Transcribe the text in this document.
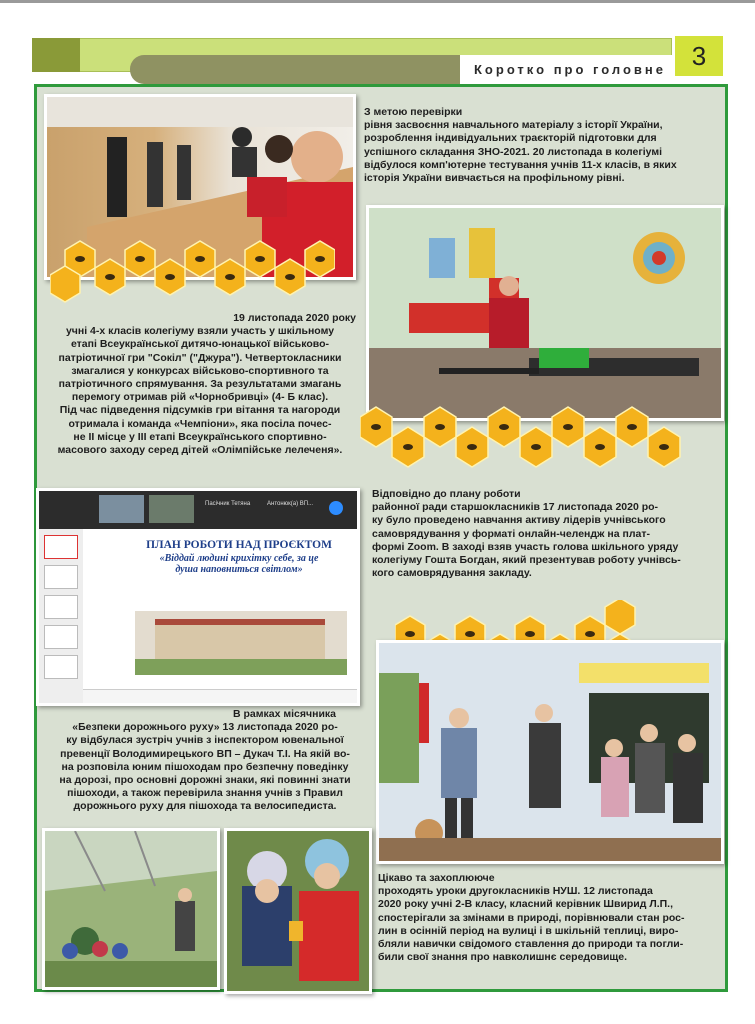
Коротко про головне 3
З метою перевірки
рівня засвоєння навчального матеріалу з історії України,
розроблення індивідуальних траєкторій підготовки для
успішного складання ЗНО-2021. 20 листопада в колегіумі
відбулося комп'ютерне тестування учнів 11-х класів, в яких
історія України вивчається на профільному рівні.
19 листопада 2020 року
учні 4-х класів колегіуму взяли участь у шкільному
етапі Всеукраїнської дитячо-юнацької військово-
патріотичної гри "Сокіл" ("Джура"). Четвертокласники
змагалися у конкурсах військово-спортивного та
патріотичного спрямування. За результатами змагань
перемогу отримав рій «Чорнобривці» (4- Б клас).
Під час підведення підсумків гри вітання та нагороди
отримала і команда «Чемпіони», яка посіла почес-
не ІІ місце у ІІІ етапі Всеукраїнського спортивно-
масового заходу серед дітей «Олімпійське лелеченя».
Відповідно до плану роботи
районної ради старшокласників 17 листопада 2020 ро-
ку було проведено навчання активу лідерів учнівського
самоврядування у форматі онлайн-челендж на плат-
формі Zoom. В заході взяв участь голова шкільного уряду
колегіуму Гошта Богдан, який презентував роботу учнівсь-
кого самоврядування закладу.
Пасічник Тетяна	Антонюк(а) ВП...
ПЛАН РОБОТИ НАД ПРОЄКТОМ
«Віддай людині крихітку себе, за це
душа наповниться світлом»
В рамках місячника
«Безпеки дорожнього руху» 13 листопада 2020 ро-
ку відбулася зустріч учнів з інспектором ювенальної
превенції Володимирецького ВП – Дукач Т.І. На якій во-
на розповіла юним пішоходам про безпечну поведінку
на дорозі, про основні дорожні знаки, які повинні знати
пішоходи, а також перевірила знання учнів з Правил
дорожнього руху для пішохода та велосипедиста.
Цікаво та захоплююче
проходять уроки другокласників НУШ. 12 листопада
2020 року учні 2-В класу, класний керівник Швирид Л.П.,
спостерігали за змінами в природі, порівнювали стан рос-
лин в осінній період на вулиці і в шкільній теплиці, виро-
бляли навички свідомого ставлення до природи та погли-
били свої знання про навколишнє середовище.
